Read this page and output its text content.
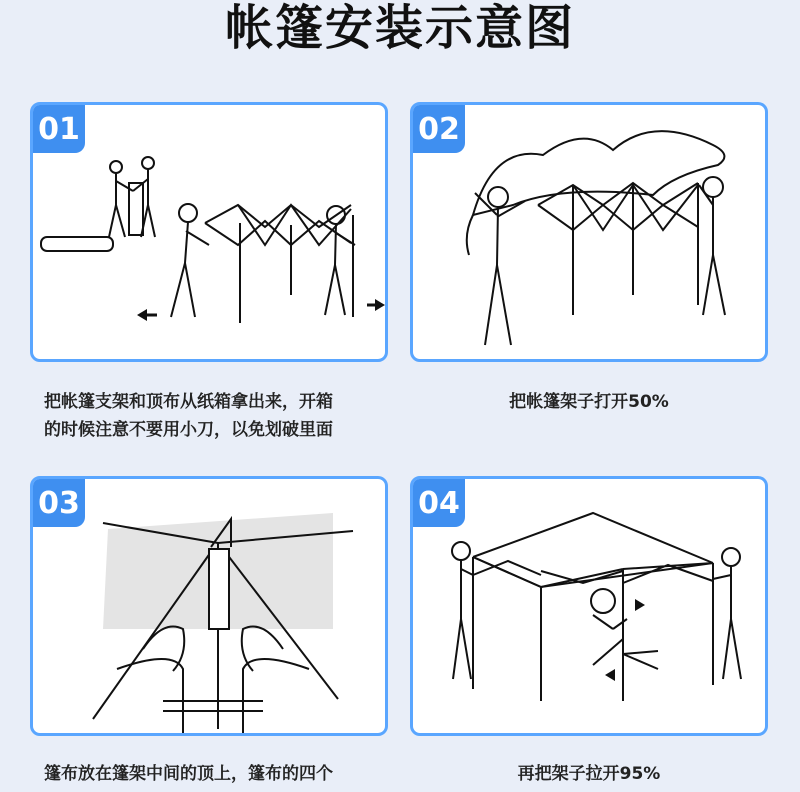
帐篷安装示意图
01	02
03	04
把帐篷支架和顶布从纸箱拿出来，开箱
的时候注意不要用小刀，以免划破里面
把帐篷架子打开50%
篷布放在篷架中间的顶上，篷布的四个	再把架子拉开95%
